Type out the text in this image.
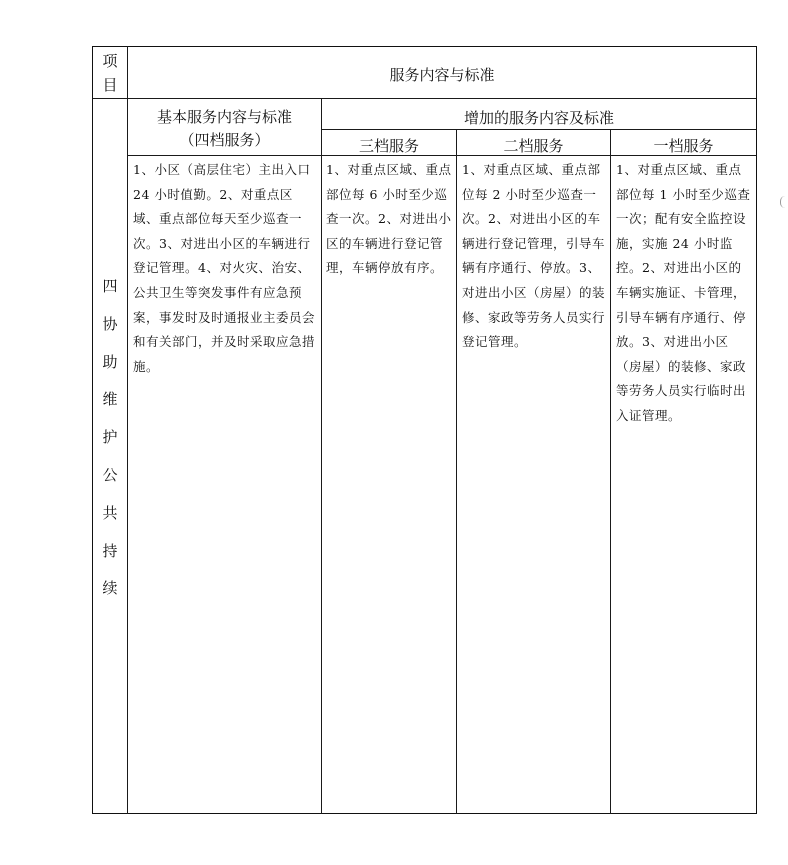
项
目
服务内容与标准
基本服务内容与标准
（四档服务）
增加的服务内容及标准
三档服务	二档服务	一档服务
四
协
助
维
护
公
共
持
续
1、小区（高层住宅）主出入口 24 小时值勤。2、对重点区域、重点部位每天至少巡查一次。3、对进出小区的车辆进行登记管理。4、对火灾、治安、公共卫生等突发事件有应急预案，事发时及时通报业主委员会和有关部门，并及时采取应急措施。
1、对重点区域、重点部位每 6 小时至少巡查一次。2、对进出小区的车辆进行登记管理，车辆停放有序。
1、对重点区域、重点部位每 2 小时至少巡查一次。2、对进出小区的车辆进行登记管理，引导车辆有序通行、停放。3、对进出小区（房屋）的装修、家政等劳务人员实行登记管理。
1、对重点区域、重点部位每 1 小时至少巡查一次；配有安全监控设施，实施 24 小时监控。2、对进出小区的车辆实施证、卡管理，引导车辆有序通行、停放。3、对进出小区（房屋）的装修、家政等劳务人员实行临时出入证管理。
